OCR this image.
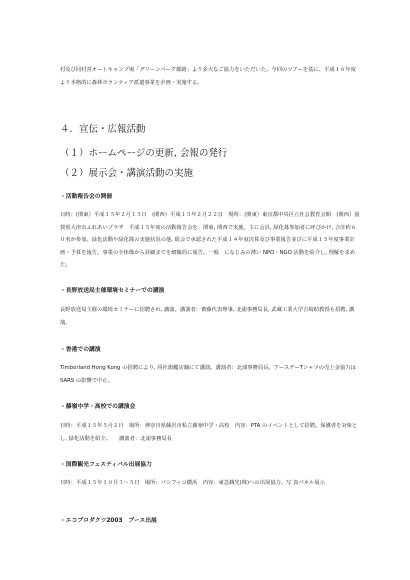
村及び同村営オートキャンプ場「グリーンパーク都路」より多大なご協力をいただいた。今回のツアーを基に、平成１６年度より本格的に森林ボランティア派遣事業を企画・実施する。

４．宣伝・広報活動
（１）ホームページの更新, 会報の発行
（２）展示会・講演活動の実施
・活動報告会の開催

日時：(関東）平成１５年２月１５日　(関西）平成１５年２月２２日　場所：(関東）東京都中央区立社会教育会館　(関西）滋賀県大津市ふれあいプラザ　平成１５年度の活動報告会を、関東, 関西で実施。主に会員, 緑化募参加者に呼びかけ, 合計約６０名が参加。緑化活動や緑化隊の実施状況の他, 総会で承認された平成１４年度決算及び事業報告並びに平成１５年度事業計画・予算を報告。事業の全体像から詳細までを網羅的に報告。一般　になじみの薄い NPO・NGO 活動を紹介し, 理解を求めた。

・長野放送局主催環境セミナーでの講演

長野放送局主催の環境セミナーに招聘され, 講演。講演者：齋藤代表理事, 北浦事務局長, 武蔵工業大学吉崎助教授も招聘, 講演。

・香港での講演

Timberland Hong Kong の招聘により, 同社旗艦店舗にて講演。講演者：北浦事務局長。アースデーTシャツの売上金協力はSARS の影響で中止。

・藤嶺中学・高校での講演会

日時：平成１５年５月２日　場所：神奈川県藤沢市私立藤嶺中学・高校　内容：PTA のイベントとして招聘。保護者を対象とし, 緑化活動を紹介。　　講演者：北浦事務局長

・国際観光フェスティバル出展協力

日時：平成１５年１０月３～５日　場所：パシフィコ横浜　内容：東急観光(株)への出展協力。写 真パネル展示

・エコプロダクツ2003　ブース出展
